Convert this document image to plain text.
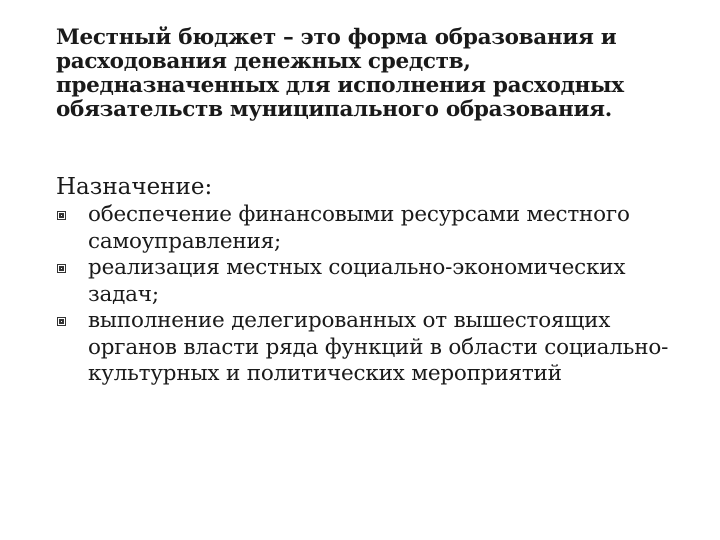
Местный бюджет – это форма образования и расходования денежных средств, предназначенных для исполнения расходных обязательств муниципального образования.

Назначение:
обеспечение финансовыми ресурсами местного самоуправления;
реализация местных социально-экономических задач;
выполнение делегированных от вышестоящих органов власти ряда функций в области социально-культурных и политических мероприятий
